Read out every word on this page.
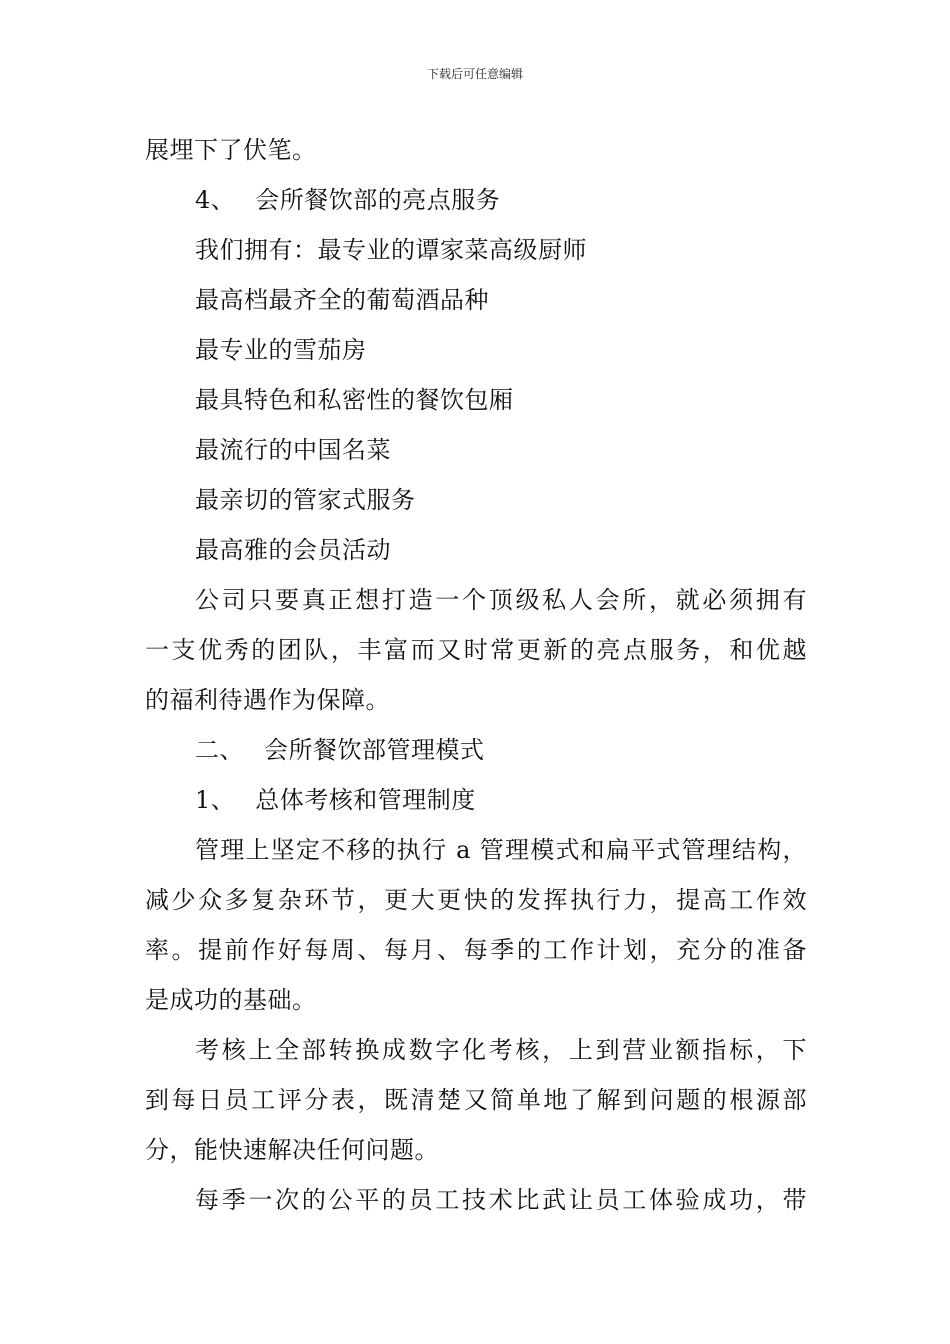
下载后可任意编辑
展埋下了伏笔。
4、 会所餐饮部的亮点服务
我们拥有：最专业的谭家菜高级厨师
最高档最齐全的葡萄酒品种
最专业的雪茄房
最具特色和私密性的餐饮包厢
最流行的中国名菜
最亲切的管家式服务
最高雅的会员活动
公司只要真正想打造一个顶级私人会所，就必须拥有
一支优秀的团队，丰富而又时常更新的亮点服务，和优越
的福利待遇作为保障。
二、 会所餐饮部管理模式
1、 总体考核和管理制度
管理上坚定不移的执行 a 管理模式和扁平式管理结构，
减少众多复杂环节，更大更快的发挥执行力，提高工作效
率。提前作好每周、每月、每季的工作计划，充分的准备
是成功的基础。
考核上全部转换成数字化考核，上到营业额指标，下
到每日员工评分表，既清楚又简单地了解到问题的根源部
分，能快速解决任何问题。
每季一次的公平的员工技术比武让员工体验成功，带
